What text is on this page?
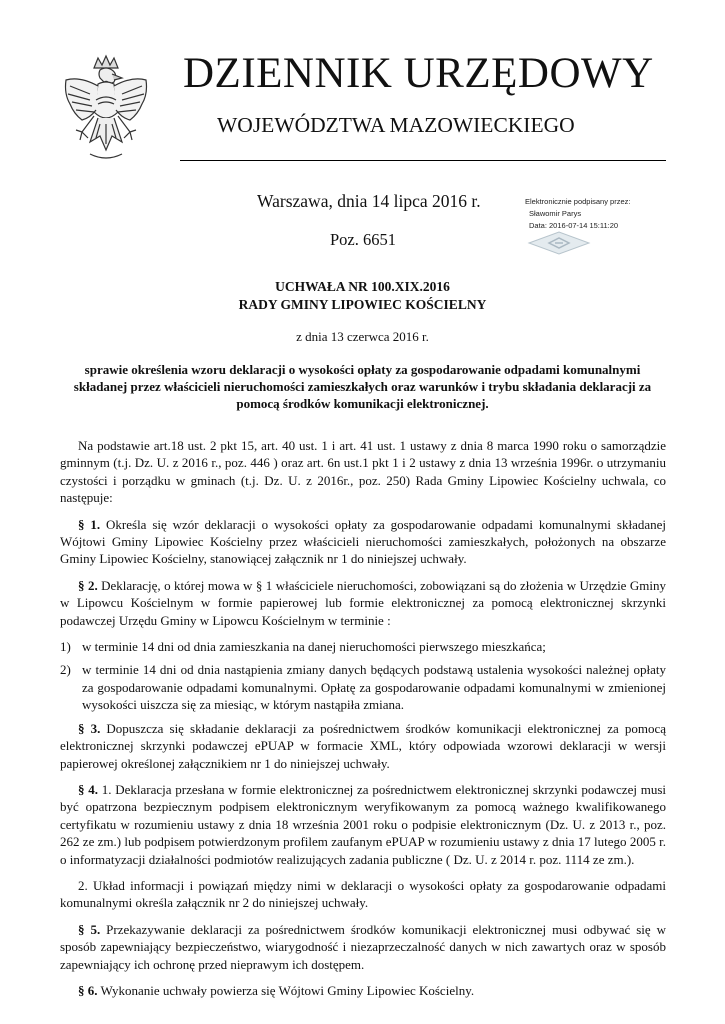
DZIENNIK URZĘDOWY
WOJEWÓDZTWA MAZOWIECKIEGO
Warszawa, dnia 14 lipca 2016 r.
Poz. 6651
Elektronicznie podpisany przez:
Sławomir Parys
Data: 2016-07-14 15:11:20
UCHWAŁA NR 100.XIX.2016
RADY GMINY LIPOWIEC KOŚCIELNY
z dnia 13 czerwca 2016 r.
sprawie określenia wzoru deklaracji o wysokości opłaty za gospodarowanie odpadami komunalnymi składanej przez właścicieli nieruchomości zamieszkałych oraz warunków i trybu składania deklaracji za pomocą środków komunikacji elektronicznej.

Na podstawie art.18 ust. 2 pkt 15, art. 40 ust. 1 i art. 41 ust. 1 ustawy z dnia 8 marca 1990 roku o samorządzie gminnym (t.j. Dz. U. z 2016 r., poz. 446 ) oraz art. 6n ust.1 pkt 1 i 2 ustawy z dnia 13 września 1996r. o utrzymaniu czystości i porządku w gminach (t.j. Dz. U. z 2016r., poz. 250) Rada Gminy Lipowiec Kościelny uchwala, co następuje:

§ 1. Określa się wzór deklaracji o wysokości opłaty za gospodarowanie odpadami komunalnymi składanej Wójtowi Gminy Lipowiec Kościelny przez właścicieli nieruchomości zamieszkałych, położonych na obszarze Gminy Lipowiec Kościelny, stanowiącej załącznik nr 1 do niniejszej uchwały.

§ 2. Deklarację, o której mowa w § 1 właściciele nieruchomości, zobowiązani są do złożenia w Urzędzie Gminy w Lipowcu Kościelnym w formie papierowej lub formie elektronicznej za pomocą elektronicznej skrzynki podawczej Urzędu Gminy w Lipowcu Kościelnym w terminie :

1) w terminie 14 dni od dnia zamieszkania na danej nieruchomości pierwszego mieszkańca;

2) w terminie 14 dni od dnia nastąpienia zmiany danych będących podstawą ustalenia wysokości należnej opłaty za gospodarowanie odpadami komunalnymi. Opłatę za gospodarowanie odpadami komunalnymi w zmienionej wysokości uiszcza się za miesiąc, w którym nastąpiła zmiana.

§ 3. Dopuszcza się składanie deklaracji za pośrednictwem środków komunikacji elektronicznej za pomocą elektronicznej skrzynki podawczej ePUAP w formacie XML, który odpowiada wzorowi deklaracji w wersji papierowej określonej załącznikiem nr 1 do niniejszej uchwały.

§ 4. 1. Deklaracja przesłana w formie elektronicznej za pośrednictwem elektronicznej skrzynki podawczej musi być opatrzona bezpiecznym podpisem elektronicznym weryfikowanym za pomocą ważnego kwalifikowanego certyfikatu w rozumieniu ustawy z dnia 18 września 2001 roku o podpisie elektronicznym (Dz. U. z 2013 r., poz. 262 ze zm.) lub podpisem potwierdzonym profilem zaufanym ePUAP w rozumieniu ustawy z dnia 17 lutego 2005 r. o informatyzacji działalności podmiotów realizujących zadania publiczne ( Dz. U. z 2014 r. poz. 1114 ze zm.).

2. Układ informacji i powiązań między nimi w deklaracji o wysokości opłaty za gospodarowanie odpadami komunalnymi określa załącznik nr 2 do niniejszej uchwały.

§ 5. Przekazywanie deklaracji za pośrednictwem środków komunikacji elektronicznej musi odbywać się w sposób zapewniający bezpieczeństwo, wiarygodność i niezaprzeczalność danych w nich zawartych oraz w sposób zapewniający ich ochronę przed nieprawym ich dostępem.

§ 6. Wykonanie uchwały powierza się Wójtowi Gminy Lipowiec Kościelny.
